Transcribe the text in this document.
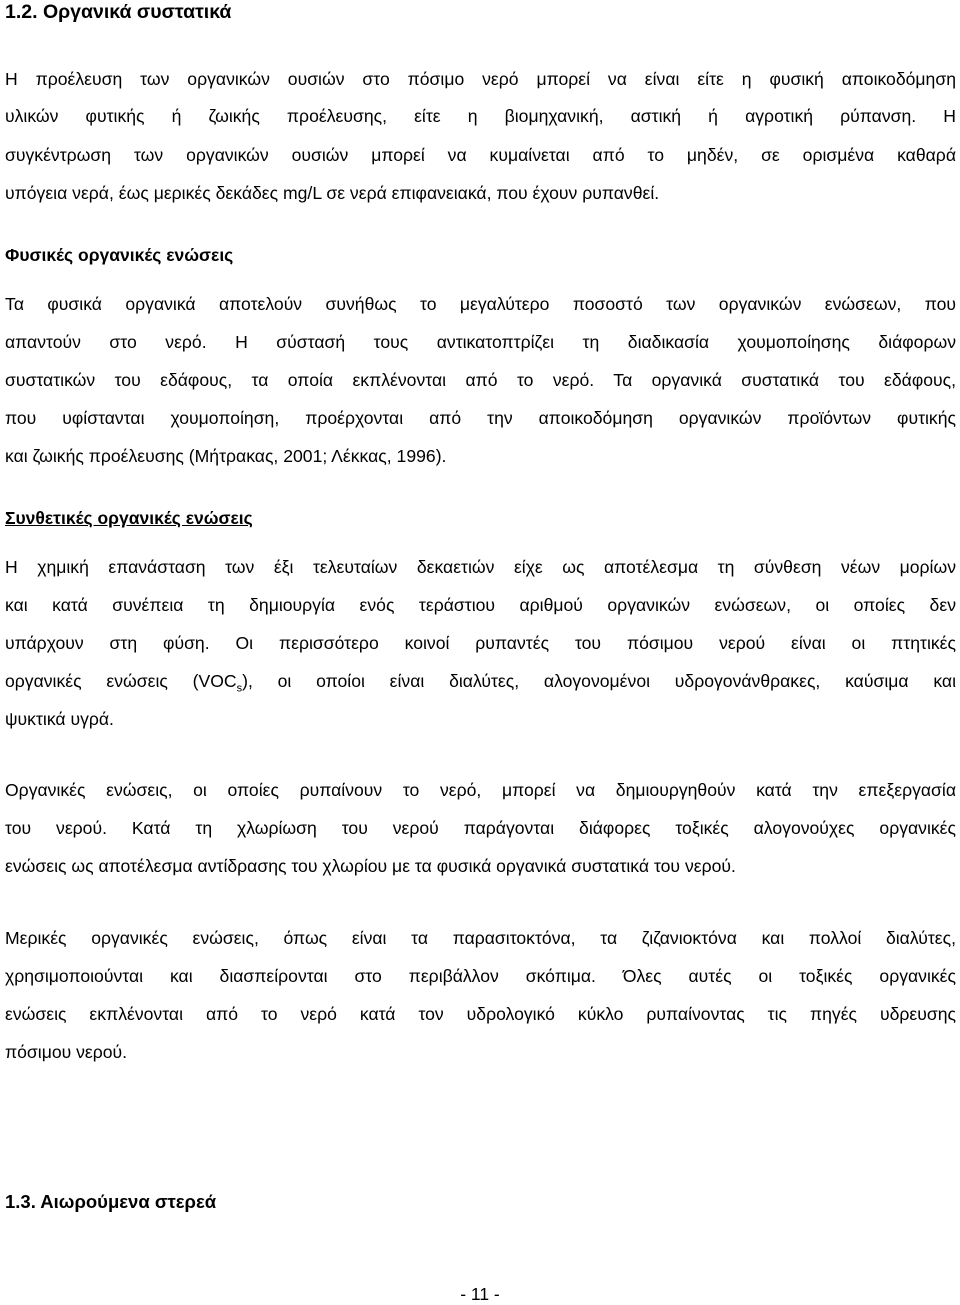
1.2. Οργανικά συστατικά

Η προέλευση των οργανικών ουσιών στο πόσιμο νερό μπορεί να είναι είτε η φυσική αποικοδόμηση

υλικών φυτικής ή ζωικής προέλευσης, είτε η βιομηχανική, αστική ή αγροτική ρύπανση. Η

συγκέντρωση των οργανικών ουσιών μπορεί να κυμαίνεται από το μηδέν, σε ορισμένα καθαρά

υπόγεια νερά, έως μερικές δεκάδες mg/L σε νερά επιφανειακά, που έχουν ρυπανθεί.

Φυσικές οργανικές ενώσεις

Τα φυσικά οργανικά αποτελούν συνήθως το μεγαλύτερο ποσοστό των οργανικών ενώσεων, που

απαντούν στο νερό. Η σύστασή τους αντικατοπτρίζει τη διαδικασία χουμοποίησης διάφορων

συστατικών του εδάφους, τα οποία εκπλένονται από το νερό. Τα οργανικά συστατικά του εδάφους,

που υφίστανται χουμοποίηση, προέρχονται από την αποικοδόμηση οργανικών προϊόντων φυτικής

και ζωικής προέλευσης (Μήτρακας, 2001; Λέκκας, 1996).

Συνθετικές οργανικές ενώσεις

Η χημική επανάσταση των έξι τελευταίων δεκαετιών είχε ως αποτέλεσμα τη σύνθεση νέων μορίων

και κατά συνέπεια τη δημιουργία ενός τεράστιου αριθμού οργανικών ενώσεων, οι οποίες δεν

υπάρχουν στη φύση. Οι περισσότερο κοινοί ρυπαντές του πόσιμου νερού είναι οι πτητικές

οργανικές ενώσεις $(VOC_s)$, οι οποίοι είναι διαλύτες, αλογονομένοι υδρογονάνθρακες, καύσιμα και

ψυκτικά υγρά.

Οργανικές ενώσεις, οι οποίες ρυπαίνουν το νερό, μπορεί να δημιουργηθούν κατά την επεξεργασία

του νερού. Κατά τη χλωρίωση του νερού παράγονται διάφορες τοξικές αλογονούχες οργανικές

ενώσεις ως αποτέλεσμα αντίδρασης του χλωρίου με τα φυσικά οργανικά συστατικά του νερού.

Μερικές οργανικές ενώσεις, όπως είναι τα παρασιτοκτόνα, τα ζιζανιοκτόνα και πολλοί διαλύτες,

χρησιμοποιούνται και διασπείρονται στο περιβάλλον σκόπιμα. Όλες αυτές οι τοξικές οργανικές

ενώσεις εκπλένονται από το νερό κατά τον υδρολογικό κύκλο ρυπαίνοντας τις πηγές υδρευσης

πόσιμου νερού.

1.3. Αιωρούμενα στερεά

- 11 -
